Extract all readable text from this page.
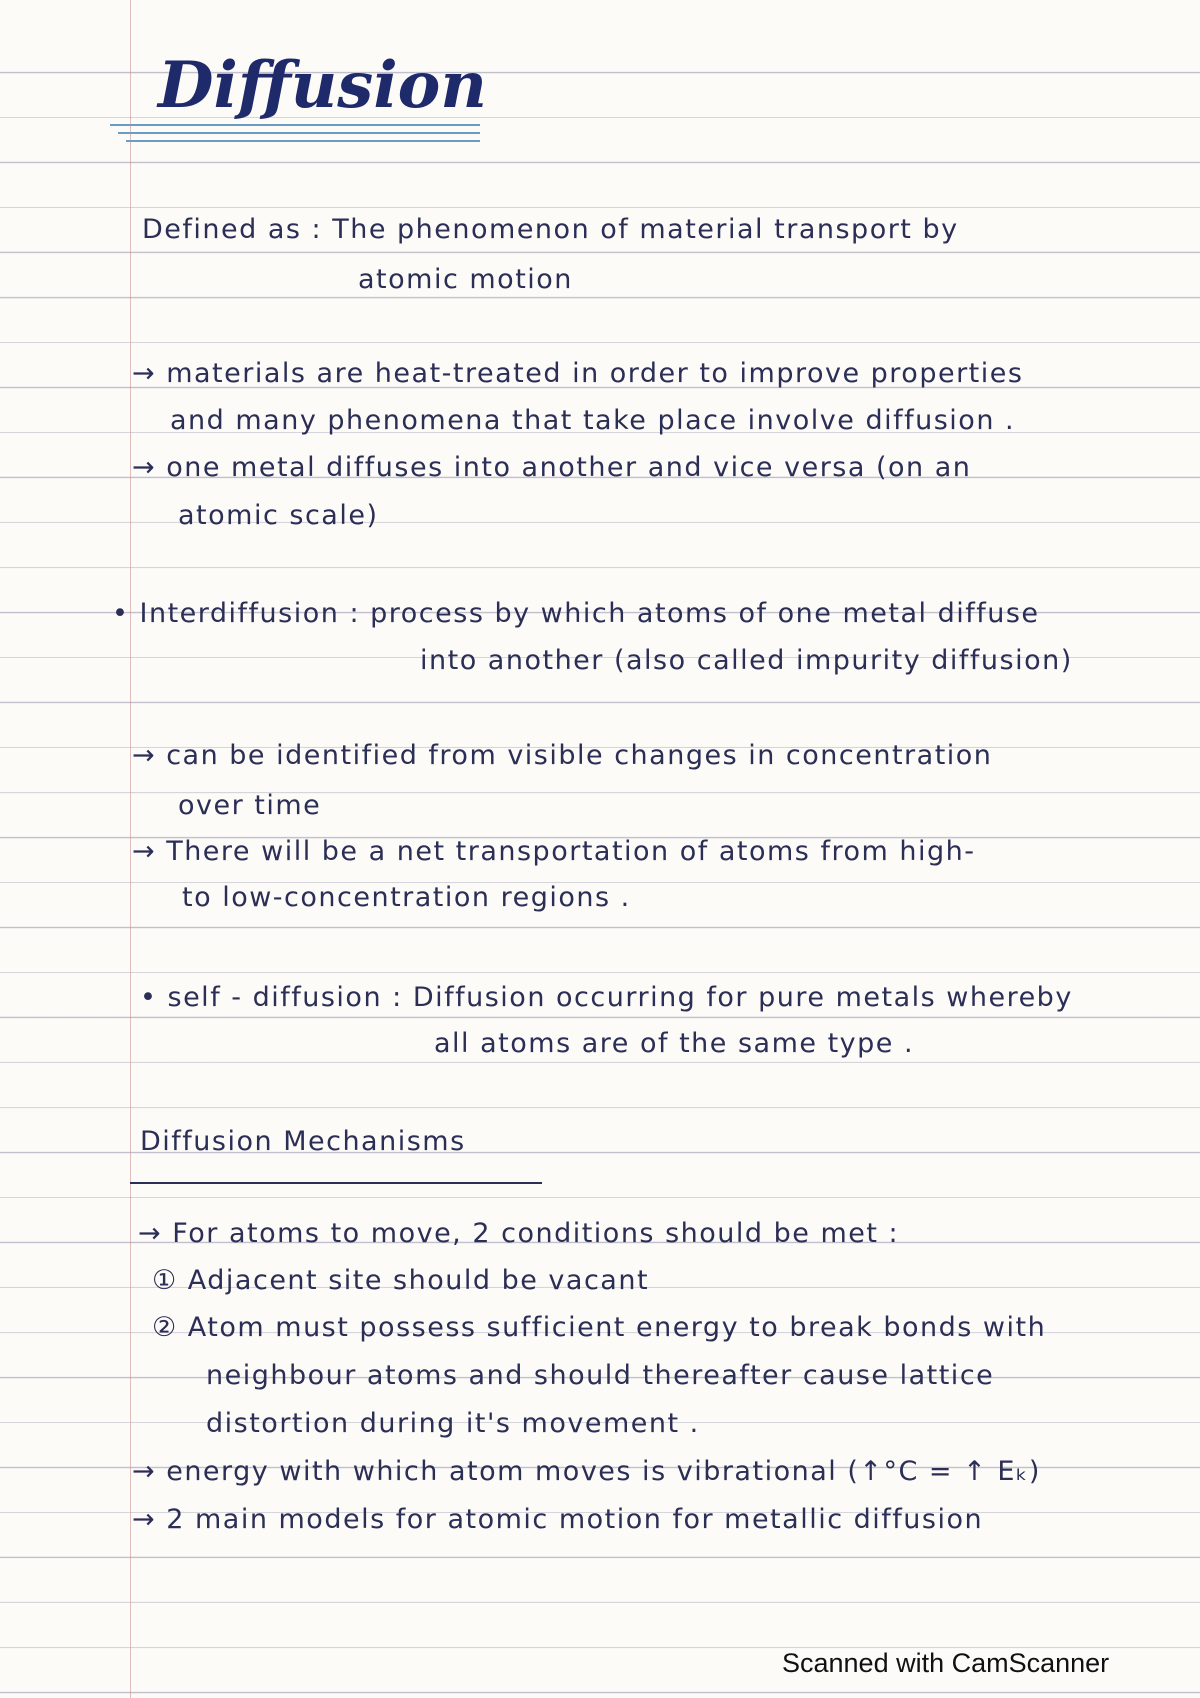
Diffusion
Defined as : The phenomenon of material transport by
atomic motion
→ materials are heat-treated in order to improve properties
and many phenomena that take place involve diffusion .
→ one metal diffuses into another and vice versa (on an
atomic scale)
• Interdiffusion : process by which atoms of one metal diffuse
into another (also called impurity diffusion)
→ can be identified from visible changes in concentration
over time
→ There will be a net transportation of atoms from high-
to low-concentration regions .
• self - diffusion : Diffusion occurring for pure metals whereby
all atoms are of the same type .
Diffusion Mechanisms
→ For atoms to move, 2 conditions should be met :
① Adjacent site should be vacant
② Atom must possess sufficient energy to break bonds with
neighbour atoms and should thereafter cause lattice
distortion during it's movement .
→ energy with which atom moves is vibrational (↑°C = ↑ Eₖ)
→ 2 main models for atomic motion for metallic diffusion
Scanned with CamScanner
